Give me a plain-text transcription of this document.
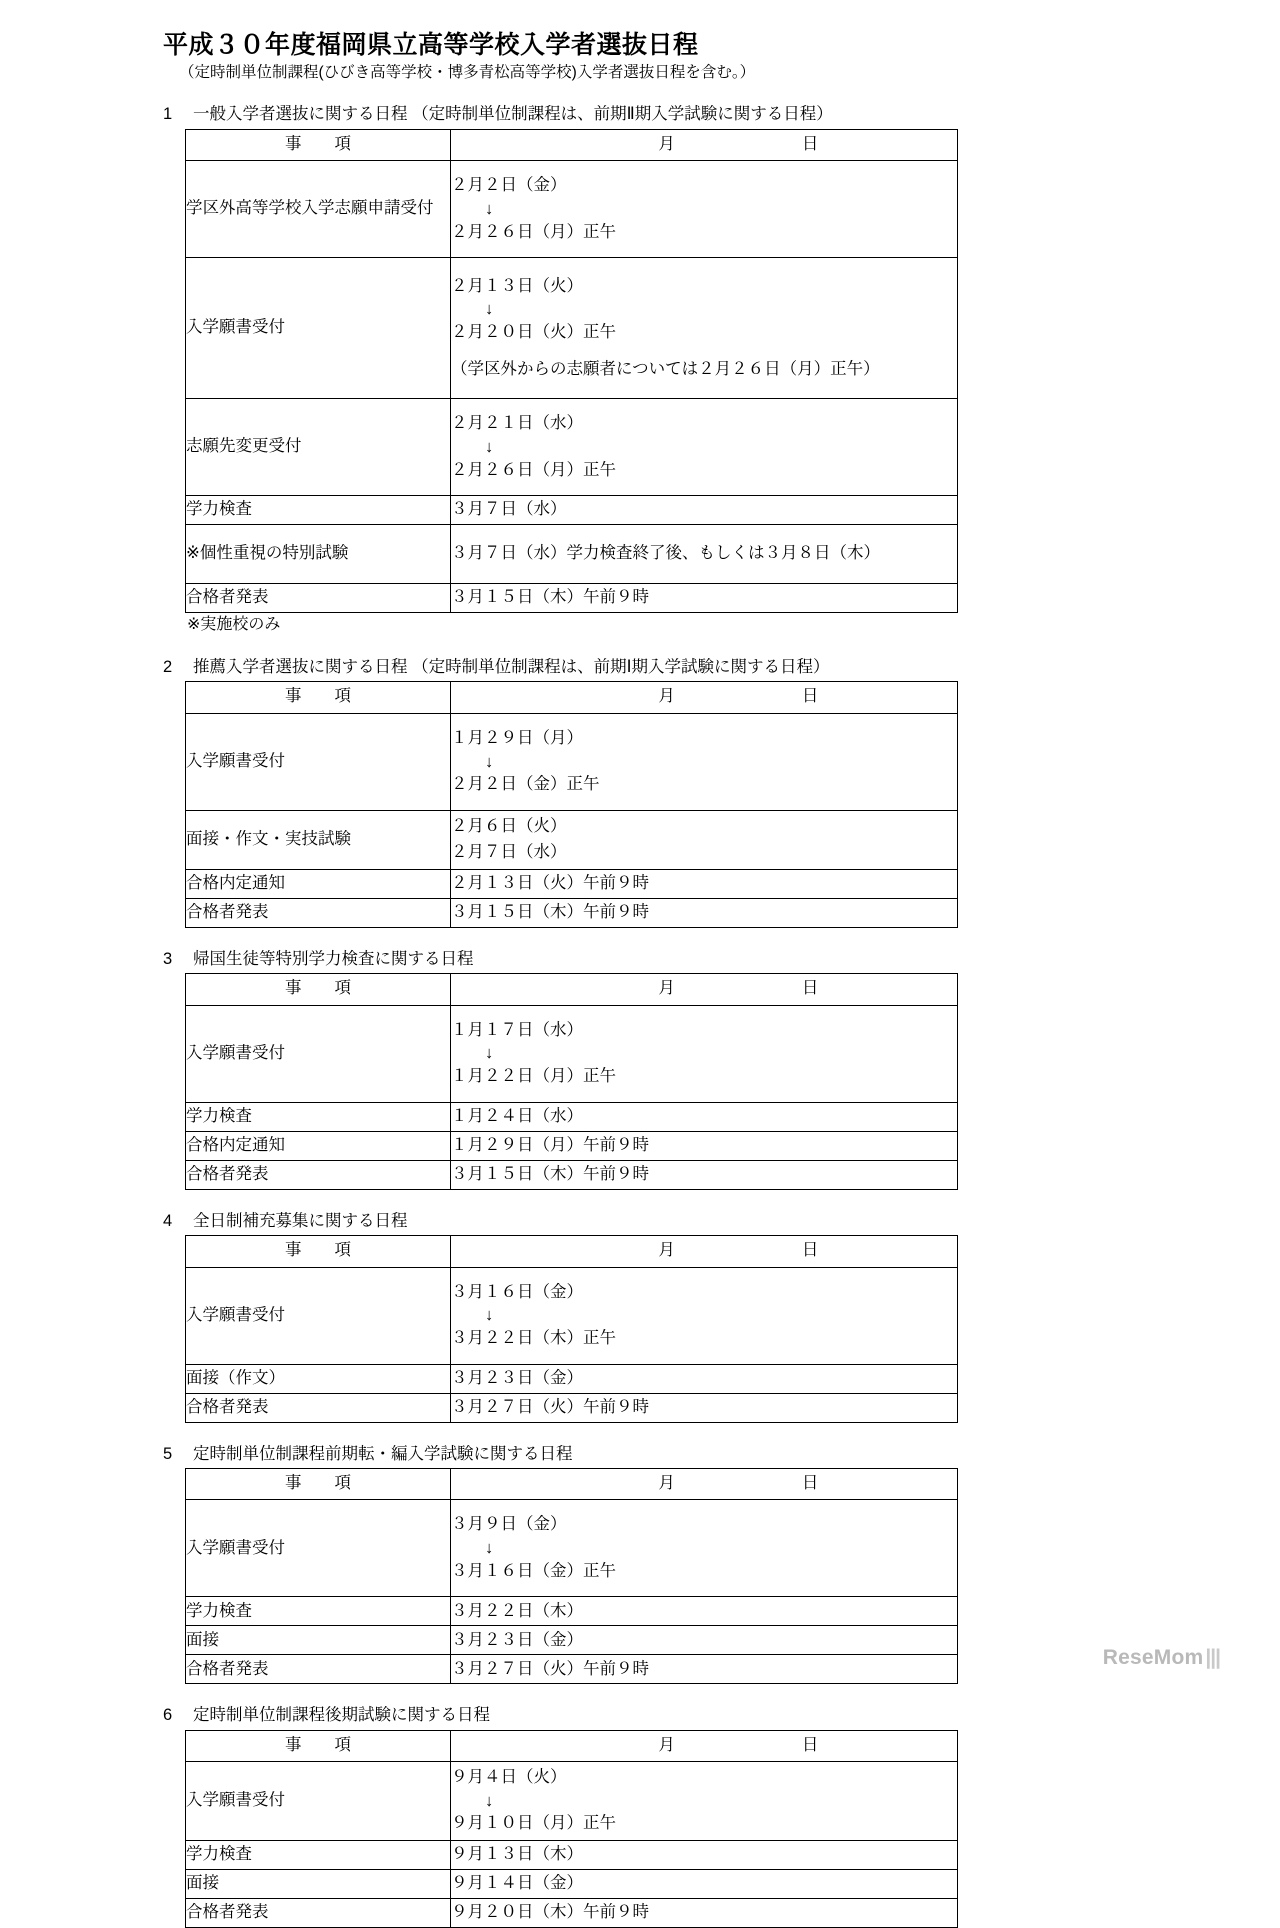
平成３０年度福岡県立高等学校入学者選抜日程
（定時制単位制課程(ひびき高等学校・博多青松高等学校)入学者選抜日程を含む。）
1	一般入学者選抜に関する日程 （定時制単位制課程は、前期Ⅱ期入学試験に関する日程）
事　項	月　　日
学区外高等学校入学志願申請受付	２月２日（金）
↓
２月２６日（月）正午

入学願書受付	２月１３日（火）
↓
２月２０日（火）正午
（学区外からの志願者については２月２６日（月）正午）

志願先変更受付	２月２１日（水）
↓
２月２６日（月）正午

学力検査	３月７日（水）
※個性重視の特別試験	３月７日（水）学力検査終了後、もしくは３月８日（木）
合格者発表	３月１５日（木）午前９時
※実施校のみ
2	推薦入学者選抜に関する日程 （定時制単位制課程は、前期Ⅰ期入学試験に関する日程）
事　項	月　　日
入学願書受付	１月２９日（月）
↓
２月２日（金）正午

面接・作文・実技試験	２月６日（火）
２月７日（水）

合格内定通知	２月１３日（火）午前９時
合格者発表	３月１５日（木）午前９時
3	帰国生徒等特別学力検査に関する日程
事　項	月　　日
入学願書受付	１月１７日（水）
↓
１月２２日（月）正午

学力検査	１月２４日（水）
合格内定通知	１月２９日（月）午前９時
合格者発表	３月１５日（木）午前９時
4	全日制補充募集に関する日程
事　項	月　　日
入学願書受付	３月１６日（金）
↓
３月２２日（木）正午

面接（作文）	３月２３日（金）
合格者発表	３月２７日（火）午前９時
5	定時制単位制課程前期転・編入学試験に関する日程
事　項	月　　日
入学願書受付	３月９日（金）
↓
３月１６日（金）正午

学力検査	３月２２日（木）
面接	３月２３日（金）
合格者発表	３月２７日（火）午前９時
6	定時制単位制課程後期試験に関する日程
事　項	月　　日
入学願書受付	９月４日（火）
↓
９月１０日（月）正午

学力検査	９月１３日（木）
面接	９月１４日（金）
合格者発表	９月２０日（木）午前９時
ReseMom|||
